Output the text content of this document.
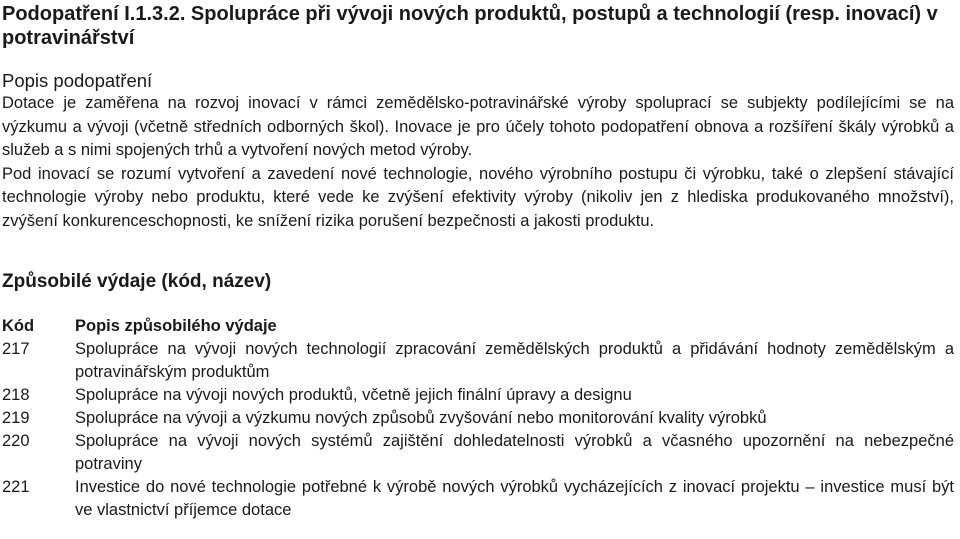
Podopatření I.1.3.2. Spolupráce při vývoji nových produktů, postupů a technologií (resp. inovací) v potravinářství
Popis podopatření

Dotace je zaměřena na rozvoj inovací v rámci zemědělsko-potravinářské výroby spoluprací se subjekty podílejícími se na výzkumu a vývoji (včetně středních odborných škol). Inovace je pro účely tohoto podopatření obnova a rozšíření škály výrobků a služeb a s nimi spojených trhů a vytvoření nových metod výroby.

Pod inovací se rozumí vytvoření a zavedení nové technologie, nového výrobního postupu či výrobku, také o zlepšení stávající technologie výroby nebo produktu, které vede ke zvýšení efektivity výroby (nikoliv jen z hlediska produkovaného množství), zvýšení konkurenceschopnosti, ke snížení rizika porušení bezpečnosti a jakosti produktu.

Způsobilé výdaje (kód, název)
Kód	Popis způsobilého výdaje
217	Spolupráce na vývoji nových technologií zpracování zemědělských produktů a přidávání hodnoty zemědělským a potravinářským produktům
218	Spolupráce na vývoji nových produktů, včetně jejich finální úpravy a designu
219	Spolupráce na vývoji a výzkumu nových způsobů zvyšování nebo monitorování kvality výrobků
220	Spolupráce na vývoji nových systémů zajištění dohledatelnosti výrobků a včasného upozornění na nebezpečné potraviny
221	Investice do nové technologie potřebné k výrobě nových výrobků vycházejících z inovací projektu – investice musí být ve vlastnictví příjemce dotace
